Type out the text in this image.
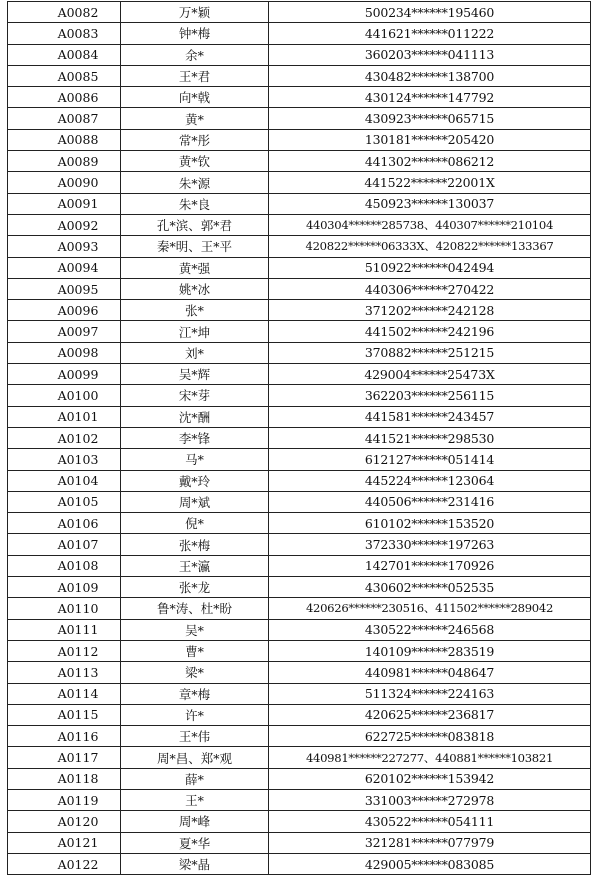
A0082	万*颖	500234******195460
A0083	钟*梅	441621******011222
A0084	余*	360203******041113
A0085	王*君	430482******138700
A0086	向*戟	430124******147792
A0087	黄*	430923******065715
A0088	常*彤	130181******205420
A0089	黄*钦	441302******086212
A0090	朱*源	441522******22001X
A0091	朱*良	450923******130037
A0092	孔*滨、郭*君	440304******285738、440307******210104
A0093	秦*明、王*平	420822******06333X、420822******133367
A0094	黄*强	510922******042494
A0095	姚*冰	440306******270422
A0096	张*	371202******242128
A0097	江*坤	441502******242196
A0098	刘*	370882******251215
A0099	吴*辉	429004******25473X
A0100	宋*芽	362203******256115
A0101	沈*酬	441581******243457
A0102	李*锋	441521******298530
A0103	马*	612127******051414
A0104	戴*玲	445224******123064
A0105	周*斌	440506******231416
A0106	倪*	610102******153520
A0107	张*梅	372330******197263
A0108	王*瀛	142701******170926
A0109	张*龙	430602******052535
A0110	鲁*涛、杜*盼	420626******230516、411502******289042
A0111	吴*	430522******246568
A0112	曹*	140109******283519
A0113	梁*	440981******048647
A0114	章*梅	511324******224163
A0115	许*	420625******236817
A0116	王*伟	622725******083818
A0117	周*昌、郑*观	440981******227277、440881******103821
A0118	薛*	620102******153942
A0119	王*	331003******272978
A0120	周*峰	430522******054111
A0121	夏*华	321281******077979
A0122	梁*晶	429005******083085
